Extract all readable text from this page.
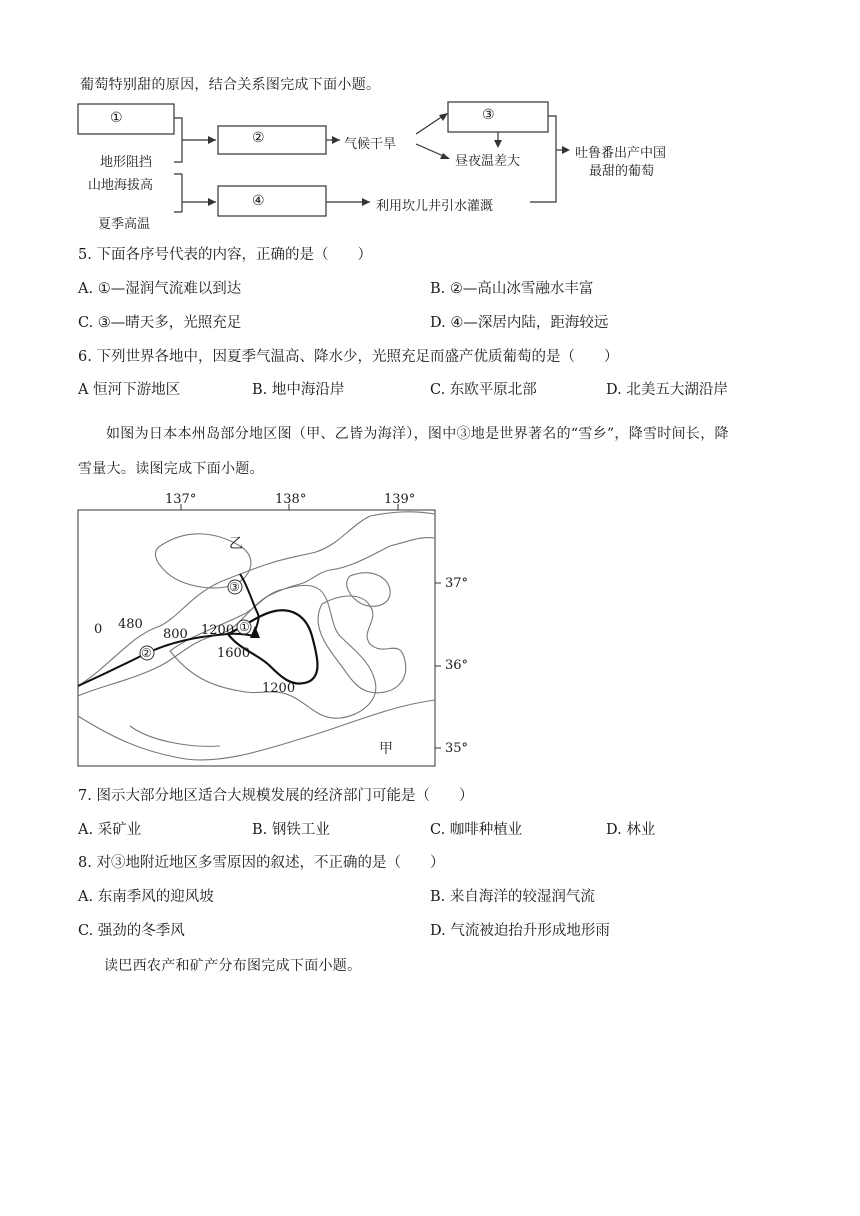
葡萄特别甜的原因，结合关系图完成下面小题。
①
②
③
④
地形阻挡
山地海拔高
夏季高温
气候干旱
昼夜温差大
利用坎儿井引水灌溉
吐鲁番出产中国
最甜的葡萄
5. 下面各序号代表的内容，正确的是（　　）
A. ①—湿润气流难以到达	B. ②—高山冰雪融水丰富
C. ③—晴天多，光照充足	D. ④—深居内陆，距海较远
6. 下列世界各地中，因夏季气温高、降水少，光照充足而盛产优质葡萄的是（　　）
A 恒河下游地区	B. 地中海沿岸	C. 东欧平原北部	D. 北美五大湖沿岸
如图为日本本州岛部分地区图（甲、乙皆为海洋），图中③地是世界著名的“雪乡”，降雪时间长，降
雪量大。读图完成下面小题。
137°	138°	139°
37°
36°
35°
乙
甲
0 480
800 1200
1600
1200
①
②
③
7. 图示大部分地区适合大规模发展的经济部门可能是（　　）
A. 采矿业	B. 钢铁工业	C. 咖啡种植业	D. 林业
8. 对③地附近地区多雪原因的叙述，不正确的是（　　）
A. 东南季风的迎风坡	B. 来自海洋的较湿润气流
C. 强劲的冬季风	D. 气流被迫抬升形成地形雨
读巴西农产和矿产分布图完成下面小题。
